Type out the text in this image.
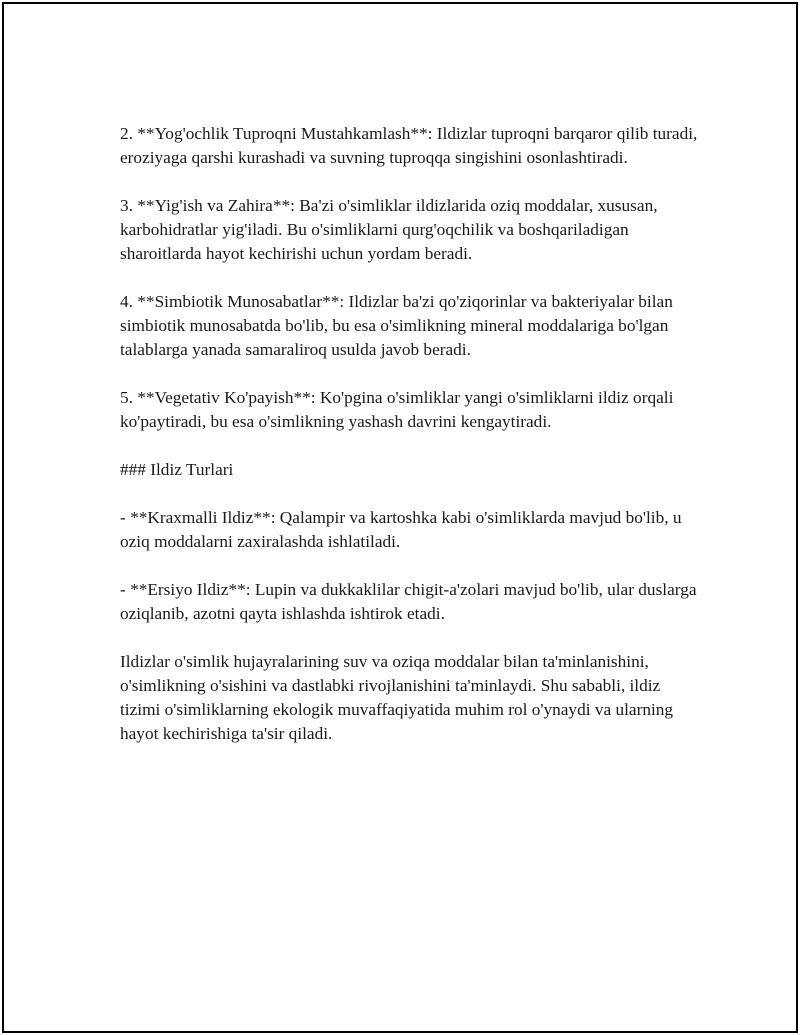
2. **Yog'ochlik Tuproqni Mustahkamlash**: Ildizlar tuproqni barqaror qilib turadi, eroziyaga qarshi kurashadi va suvning tuproqqa singishini osonlashtiradi.

3. **Yig'ish va Zahira**: Ba'zi o'simliklar ildizlarida oziq moddalar, xususan, karbohidratlar yig'iladi. Bu o'simliklarni qurg'oqchilik va boshqariladigan sharoitlarda hayot kechirishi uchun yordam beradi.

4. **Simbiotik Munosabatlar**: Ildizlar ba'zi qo'ziqorinlar va bakteriyalar bilan simbiotik munosabatda bo'lib, bu esa o'simlikning mineral moddalariga bo'lgan talablarga yanada samaraliroq usulda javob beradi.

5. **Vegetativ Ko'payish**: Ko'pgina o'simliklar yangi o'simliklarni ildiz orqali ko'paytiradi, bu esa o'simlikning yashash davrini kengaytiradi.

### Ildiz Turlari

- **Kraxmalli Ildiz**: Qalampir va kartoshka kabi o'simliklarda mavjud bo'lib, u oziq moddalarni zaxiralashda ishlatiladi.

- **Ersiyo Ildiz**: Lupin va dukkaklilar chigit-a'zolari mavjud bo'lib, ular duslarga oziqlanib, azotni qayta ishlashda ishtirok etadi.

Ildizlar o'simlik hujayralarining suv va oziqa moddalar bilan ta'minlanishini, o'simlikning o'sishini va dastlabki rivojlanishini ta'minlaydi. Shu sababli, ildiz tizimi o'simliklarning ekologik muvaffaqiyatida muhim rol o'ynaydi va ularning hayot kechirishiga ta'sir qiladi.
